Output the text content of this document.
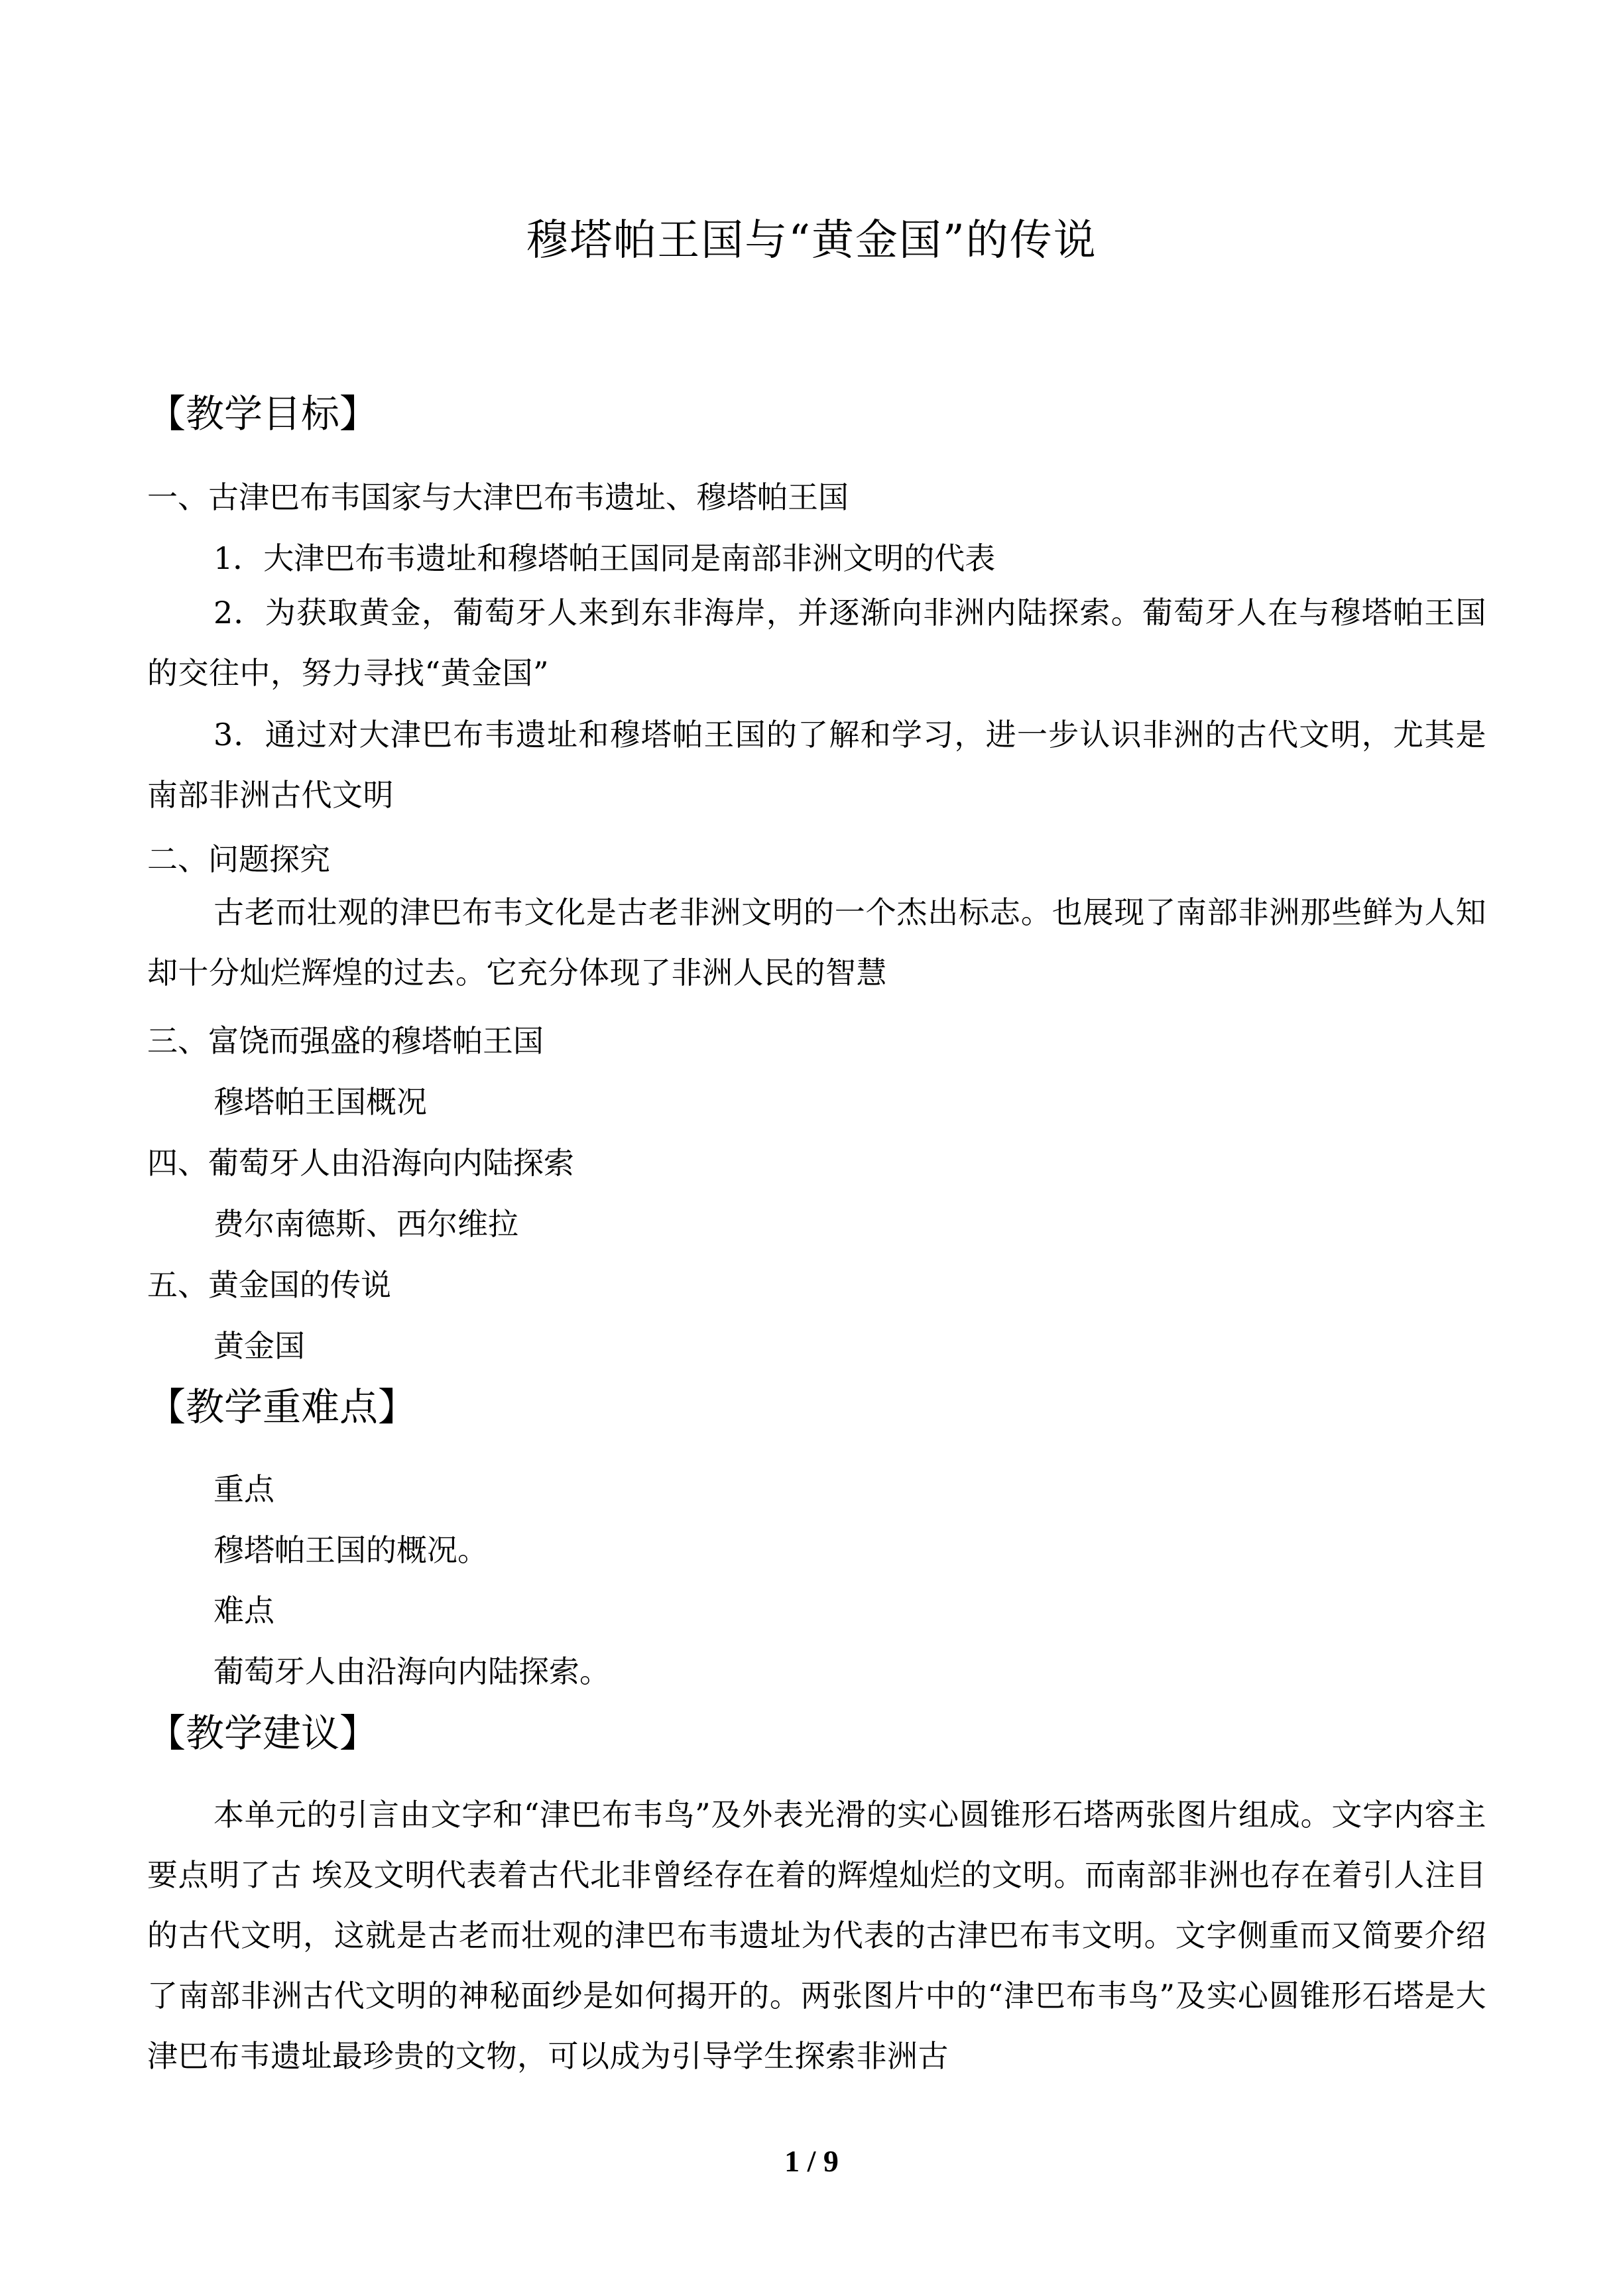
穆塔帕王国与“黄金国”的传说
【教学目标】
一、古津巴布韦国家与大津巴布韦遗址、穆塔帕王国
1．大津巴布韦遗址和穆塔帕王国同是南部非洲文明的代表
2．为获取黄金，葡萄牙人来到东非海岸，并逐渐向非洲内陆探索。葡萄牙人在与穆塔帕王国的交往中，努力寻找“黄金国”
3．通过对大津巴布韦遗址和穆塔帕王国的了解和学习，进一步认识非洲的古代文明，尤其是南部非洲古代文明
二、问题探究
古老而壮观的津巴布韦文化是古老非洲文明的一个杰出标志。也展现了南部非洲那些鲜为人知却十分灿烂辉煌的过去。它充分体现了非洲人民的智慧
三、富饶而强盛的穆塔帕王国
穆塔帕王国概况
四、葡萄牙人由沿海向内陆探索
费尔南德斯、西尔维拉
五、黄金国的传说
黄金国
【教学重难点】
重点
穆塔帕王国的概况。
难点
葡萄牙人由沿海向内陆探索。
【教学建议】
本单元的引言由文字和“津巴布韦鸟”及外表光滑的实心圆锥形石塔两张图片组成。文字内容主要点明了古 埃及文明代表着古代北非曾经存在着的辉煌灿烂的文明。而南部非洲也存在着引人注目的古代文明，这就是古老而壮观的津巴布韦遗址为代表的古津巴布韦文明。文字侧重而又简要介绍了南部非洲古代文明的神秘面纱是如何揭开的。两张图片中的“津巴布韦鸟”及实心圆锥形石塔是大津巴布韦遗址最珍贵的文物，可以成为引导学生探索非洲古
1 / 9
